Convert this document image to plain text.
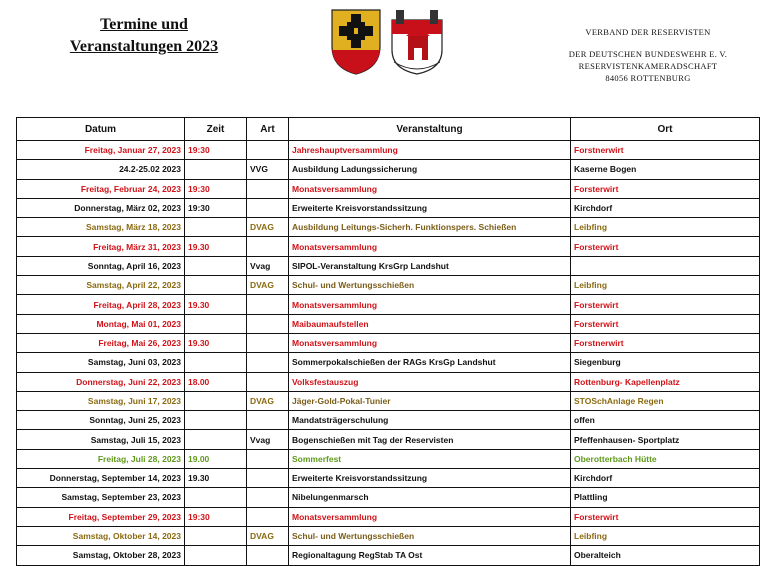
Termine und
Veranstaltungen 2023
VERBAND DER RESERVISTEN
DER DEUTSCHEN BUNDESWEHR E. V.
RESERVISTENKAMERADSCHAFT
84056 ROTTENBURG
Datum	Zeit	Art	Veranstaltung	Ort
Freitag, Januar 27, 2023	19:30		Jahreshauptversammlung	Forstnerwirt
24.2-25.02 2023		VVG	Ausbildung Ladungssicherung	Kaserne Bogen
Freitag, Februar 24, 2023	19:30		Monatsversammlung	Forsterwirt
Donnerstag, März 02, 2023	19:30		Erweiterte Kreisvorstandssitzung	Kirchdorf
Samstag, März 18, 2023		DVAG	Ausbildung Leitungs-Sicherh. Funktionspers. Schießen	Leibfing
Freitag, März 31, 2023	19.30		Monatsversammlung	Forsterwirt
Sonntag, April 16, 2023		Vvag	SIPOL-Veranstaltung KrsGrp Landshut	
Samstag, April 22, 2023		DVAG	Schul- und Wertungsschießen	Leibfing
Freitag, April 28, 2023	19.30		Monatsversammlung	Forsterwirt
Montag, Mai 01, 2023			Maibaumaufstellen	Forsterwirt
Freitag, Mai 26, 2023	19.30		Monatsversammlung	Forstnerwirt
Samstag, Juni 03, 2023			Sommerpokalschießen der RAGs KrsGp Landshut	Siegenburg
Donnerstag, Juni 22, 2023	18.00		Volksfestauszug	Rottenburg- Kapellenplatz
Samstag, Juni 17, 2023		DVAG	Jäger-Gold-Pokal-Tunier	STOSchAnlage Regen
Sonntag, Juni 25, 2023			Mandatsträgerschulung	offen
Samstag, Juli 15, 2023		Vvag	Bogenschießen mit Tag der Reservisten	Pfeffenhausen- Sportplatz
Freitag, Juli 28, 2023	19.00		Sommerfest	Oberotterbach Hütte
Donnerstag, September 14, 2023	19.30		Erweiterte Kreisvorstandssitzung	Kirchdorf
Samstag, September 23, 2023			Nibelungenmarsch	Plattling
Freitag, September 29, 2023	19:30		Monatsversammlung	Forsterwirt
Samstag, Oktober 14, 2023		DVAG	Schul- und Wertungsschießen	Leibfing
Samstag, Oktober 28, 2023			Regionaltagung RegStab TA Ost	Oberalteich
